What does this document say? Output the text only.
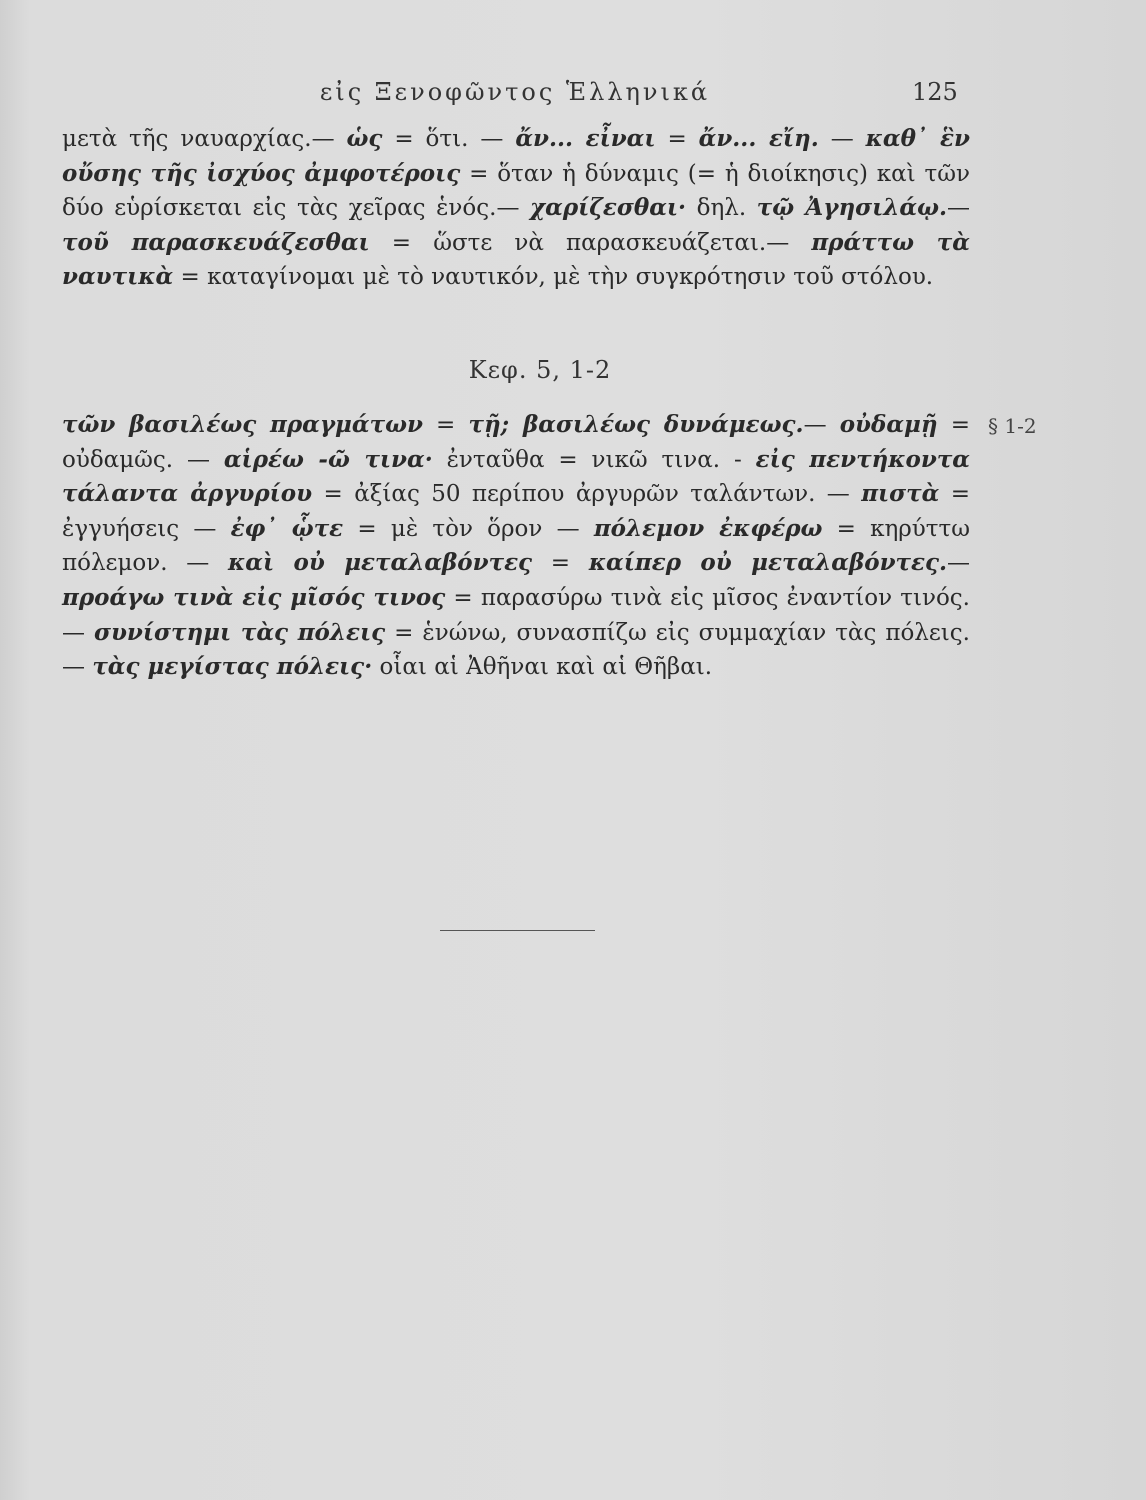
εἰς Ξενοφῶντος Ἑλληνικά	125

μετὰ τῆς ναυαρχίας.— ὡς = ὅτι. — ἄν... εἶναι = ἄν... εἴη. — καθ᾿ ἓν οὔσης τῆς ἰσχύος ἀμφοτέροις = ὅταν ἡ δύναμις (= ἡ διοίκησις) καὶ τῶν δύο εὑρίσκεται εἰς τὰς χεῖρας ἑνός.— χαρίζεσθαι· δηλ. τῷ Ἀγησιλάῳ.— τοῦ παρασκευάζεσθαι = ὥστε νὰ παρασκευάζεται.— πράττω τὰ ναυτικὰ = καταγίνομαι μὲ τὸ ναυτικόν, μὲ τὴν συγκρότησιν τοῦ στόλου.

Κεφ. 5, 1-2
§ 1-2

τῶν βασιλέως πραγμάτων = τῇ; βασιλέως δυνάμεως.— οὐδαμῇ = οὐδαμῶς. — αἱρέω -ῶ τινα· ἐνταῦθα = νικῶ τινα. - εἰς πεντήκοντα τάλαντα ἀργυρίου = ἀξίας 50 περίπου ἀργυρῶν ταλάντων. — πιστὰ = ἐγγυήσεις — ἐφ᾿ ᾧτε = μὲ τὸν ὅρον — πόλεμον ἐκφέρω = κηρύττω πόλεμον. — καὶ οὐ μεταλαβόντες = καίπερ οὐ μεταλαβόντες.— προάγω τινὰ εἰς μῖσός τινος = παρασύρω τινὰ εἰς μῖσος ἐναντίον τινός.— συνίστημι τὰς πόλεις = ἑνώνω, συνασπίζω εἰς συμμαχίαν τὰς πόλεις. — τὰς μεγίστας πόλεις· οἷαι αἱ Ἀθῆναι καὶ αἱ Θῆβαι.
